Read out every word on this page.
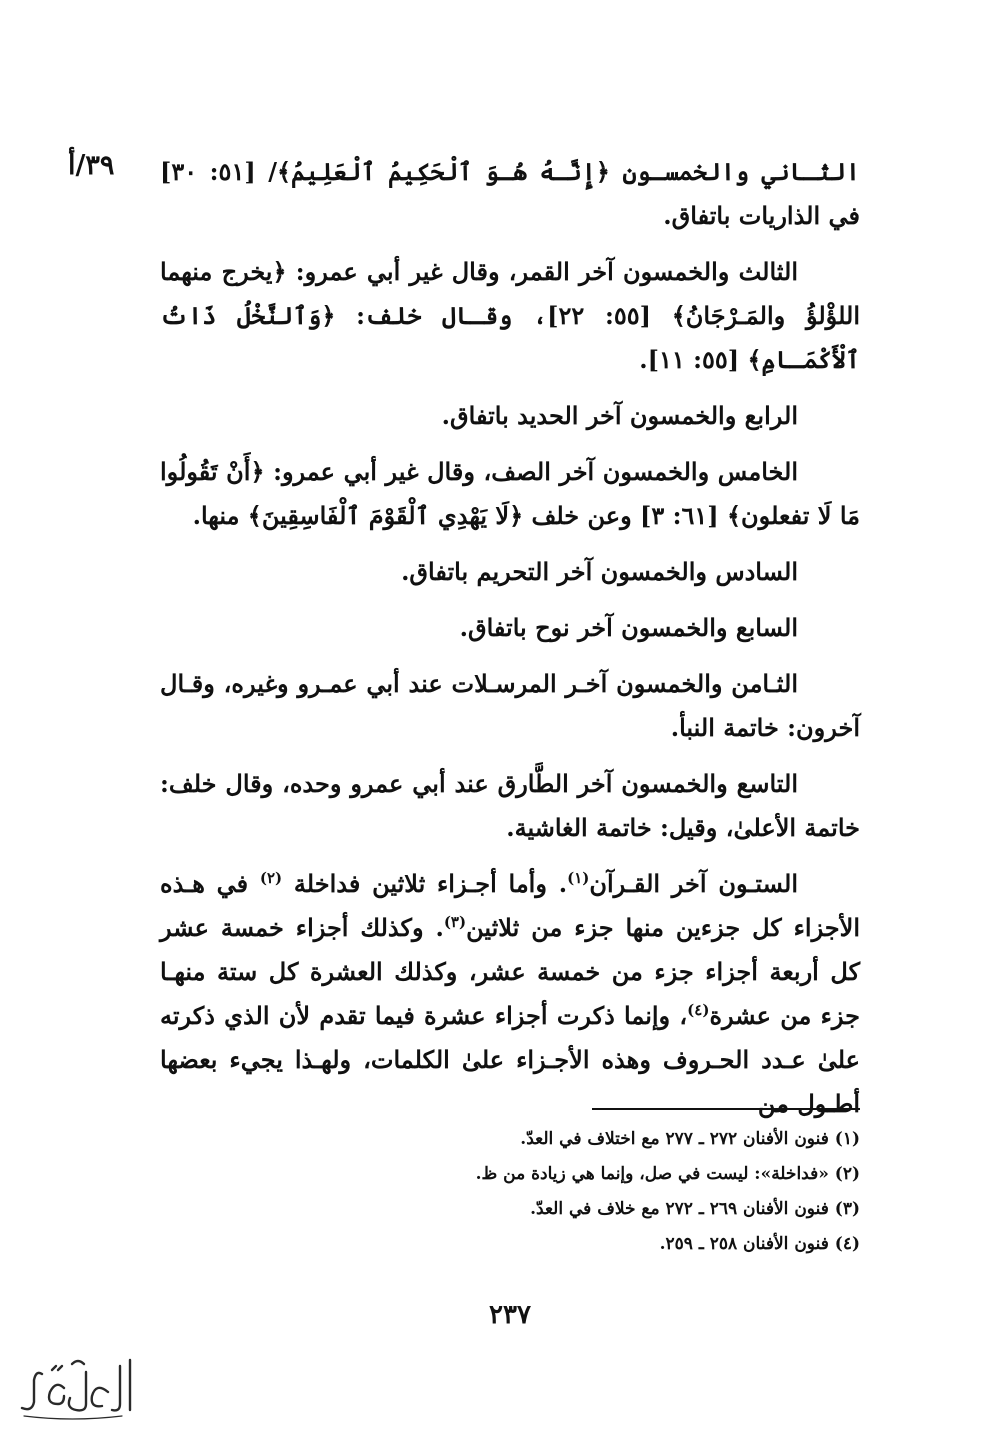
٣٩/أ الثـاني والخمسـون ﴿إِنَّـهُ هُـوَ ٱلْحَكِيمُ ٱلْعَلِيمُ﴾/ [٥١: ٣٠] في الذاريات باتفاق.

الثالث والخمسون آخر القمر، وقال غير أبي عمرو: ﴿يخرج منهما اللؤْلؤُ والمَـرْجَانُ﴾ [٥٥: ٢٢]، وقـال خلف: ﴿وَٱلنَّخْلُ ذَاتُ ٱلْأَكْمَـامِ﴾ [٥٥: ١١].

الرابع والخمسون آخر الحديد باتفاق.

الخامس والخمسون آخر الصف، وقال غير أبي عمرو: ﴿أَنْ تَقُولُوا مَا لَا تفعلون﴾ [٦١: ٣] وعن خلف ﴿لَا يَهْدِي ٱلْقَوْمَ ٱلْفَاسِقِينَ﴾ منها.

السادس والخمسون آخر التحريم باتفاق.

السابع والخمسون آخر نوح باتفاق.

الثـامن والخمسون آخـر المرسـلات عند أبي عمـرو وغيره، وقـال آخرون: خاتمة النبأ.

التاسع والخمسون آخر الطَّارق عند أبي عمرو وحده، وقال خلف: خاتمة الأعلىٰ، وقيل: خاتمة الغاشية.

الستـون آخر القـرآن$^{(١)}$. وأما أجـزاء ثلاثين فداخلة $^{(٢)}$ في هـذه الأجزاء كل جزءين منها جزء من ثلاثين$^{(٣)}$. وكذلك أجزاء خمسة عشر كل أربعة أجزاء جزء من خمسة عشر، وكذلك العشرة كل ستة منهـا جزء من عشرة$^{(٤)}$، وإنما ذكرت أجزاء عشرة فيما تقدم لأن الذي ذكرته علىٰ عـدد الحـروف وهذه الأجـزاء علىٰ الكلمات، ولهـذا يجيء بعضها أطـول من

(١) فنون الأفنان ٢٧٢ ـ ٢٧٧ مع اختلاف في العدّ.

(٢) «فداخلة»: ليست في صل، وإنما هي زيادة من ظ.

(٣) فنون الأفنان ٢٦٩ ـ ٢٧٢ مع خلاف في العدّ.

(٤) فنون الأفنان ٢٥٨ ـ ٢٥٩.

٢٣٧
